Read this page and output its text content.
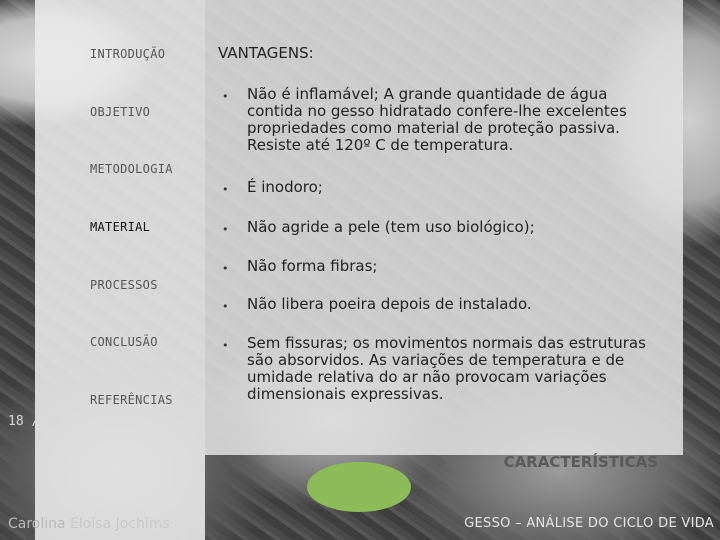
INTRODUÇÃO
OBJETIVO
METODOLOGIA
MATERIAL
PROCESSOS
CONCLUSÃO
REFERÊNCIAS
18 / 40
VANTAGENS:
• Não é inflamável; A grande quantidade de água contida no gesso hidratado confere-lhe excelentes propriedades como material de proteção passiva. Resiste até 120º C de temperatura.
• É inodoro;
• Não agride a pele (tem uso biológico);
• Não forma fibras;
• Não libera poeira depois de instalado.
• Sem fissuras; os movimentos normais das estruturas são absorvidos. As variações de temperatura e de umidade relativa do ar não provocam variações dimensionais expressivas.
CARACTERÍSTICAS
Carolina Eloisa Jochims	GESSO – ANÁLISE DO CICLO DE VIDA
